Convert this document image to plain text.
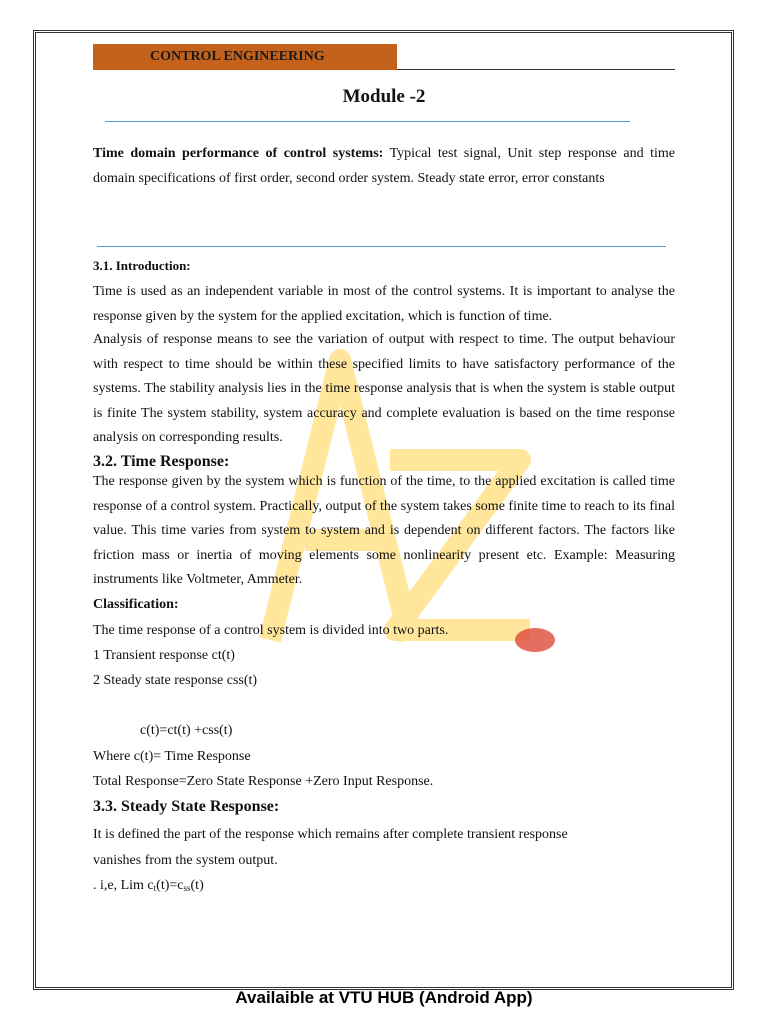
CONTROL ENGINEERING
Module -2

Time domain performance of control systems: Typical test signal, Unit step response and time domain specifications of first order, second order system. Steady state error, error constants

3.1. Introduction:

Time is used as an independent variable in most of the control systems. It is important to analyse the response given by the system for the applied excitation, which is function of time.

Analysis of response means to see the variation of output with respect to time. The output behaviour with respect to time should be within these specified limits to have satisfactory performance of the systems. The stability analysis lies in the time response analysis that is when the system is stable output is finite The system stability, system accuracy and complete evaluation is based on the time response analysis on corresponding results.

3.2. Time Response:

The response given by the system which is function of the time, to the applied excitation is called time response of a control system. Practically, output of the system takes some finite time to reach to its final value. This time varies from system to system and is dependent on different factors. The factors like friction mass or inertia of moving elements some nonlinearity present etc. Example: Measuring instruments like Voltmeter, Ammeter.

Classification:

The time response of a control system is divided into two parts.

1 Transient response ct(t)

2 Steady state response css(t)

c(t)=ct(t) +css(t)

Where c(t)= Time Response

Total Response=Zero State Response +Zero Input Response.

3.3. Steady State Response:

It is defined the part of the response which remains after complete transient response

vanishes from the system output.

. i,e, Lim $c_t(t)=c_{ss}(t)$

Availaible at VTU HUB (Android App)
